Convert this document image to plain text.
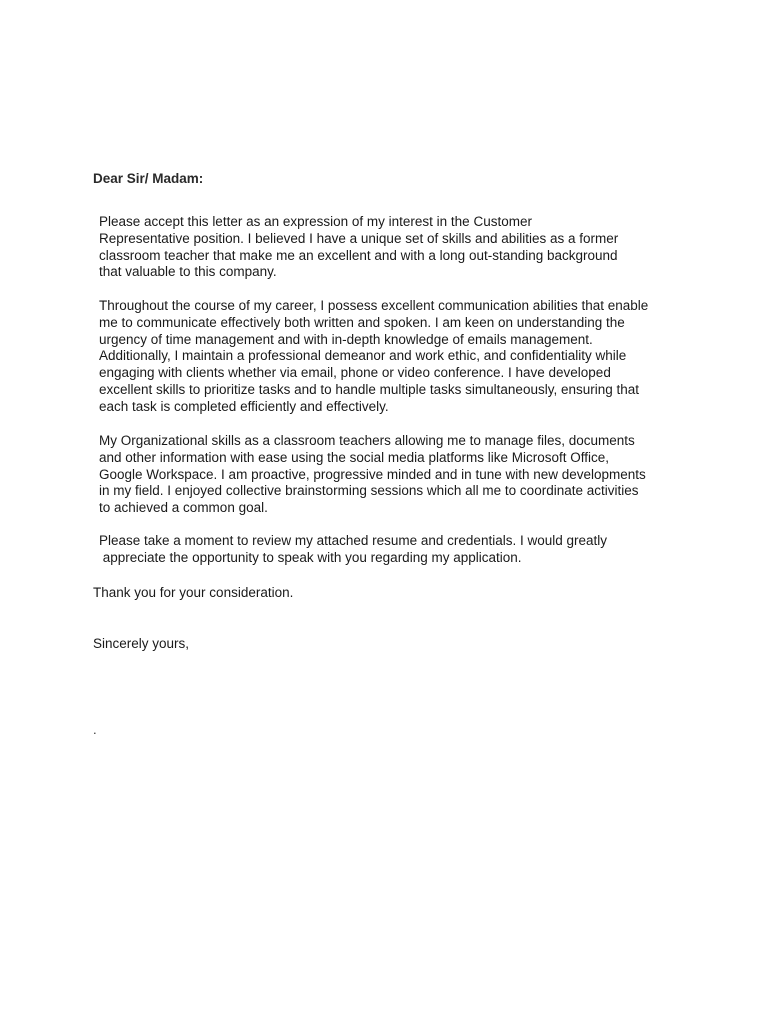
Dear Sir/ Madam:
Please accept this letter as an expression of my interest in the Customer
Representative position. I believed I have a unique set of skills and abilities as a former
classroom teacher that make me an excellent and with a long out-standing background
that valuable to this company.
Throughout the course of my career, I possess excellent communication abilities that enable
me to communicate effectively both written and spoken. I am keen on understanding the
urgency of time management and with in-depth knowledge of emails management.
Additionally, I maintain a professional demeanor and work ethic, and confidentiality while
engaging with clients whether via email, phone or video conference. I have developed
excellent skills to prioritize tasks and to handle multiple tasks simultaneously, ensuring that
each task is completed efficiently and effectively.
My Organizational skills as a classroom teachers allowing me to manage files, documents
and other information with ease using the social media platforms like Microsoft Office,
Google Workspace. I am proactive, progressive minded and in tune with new developments
in my field. I enjoyed collective brainstorming sessions which all me to coordinate activities
to achieved a common goal.
Please take a moment to review my attached resume and credentials. I would greatly
appreciate the opportunity to speak with you regarding my application.
Thank you for your consideration.
Sincerely yours,
.
